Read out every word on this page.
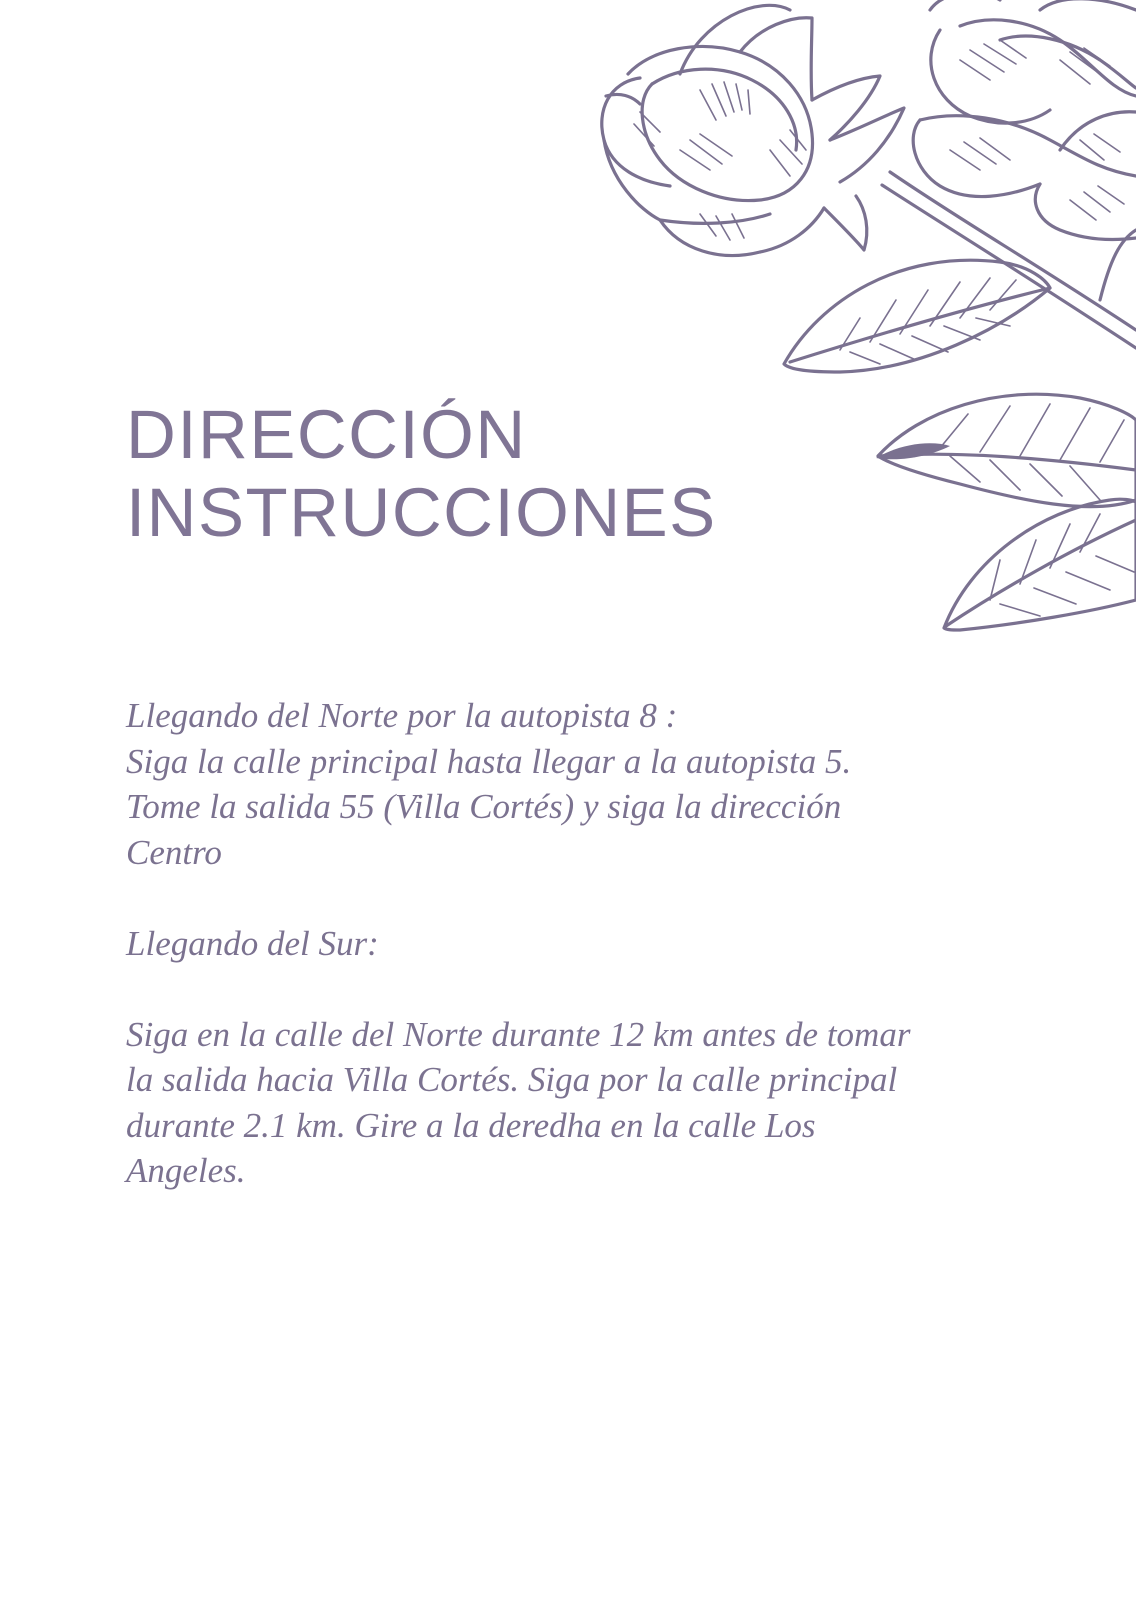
DIRECCIÓN
INSTRUCCIONES

Llegando del Norte por la autopista 8 :

Siga la calle principal hasta llegar a la autopista 5.

Tome la salida 55 (Villa Cortés) y siga la dirección

Centro

Llegando del Sur:

Siga en la calle del Norte durante 12 km antes de tomar

la salida hacia Villa Cortés. Siga por la calle principal

durante 2.1 km. Gire a la deredha en la calle Los

Angeles.
